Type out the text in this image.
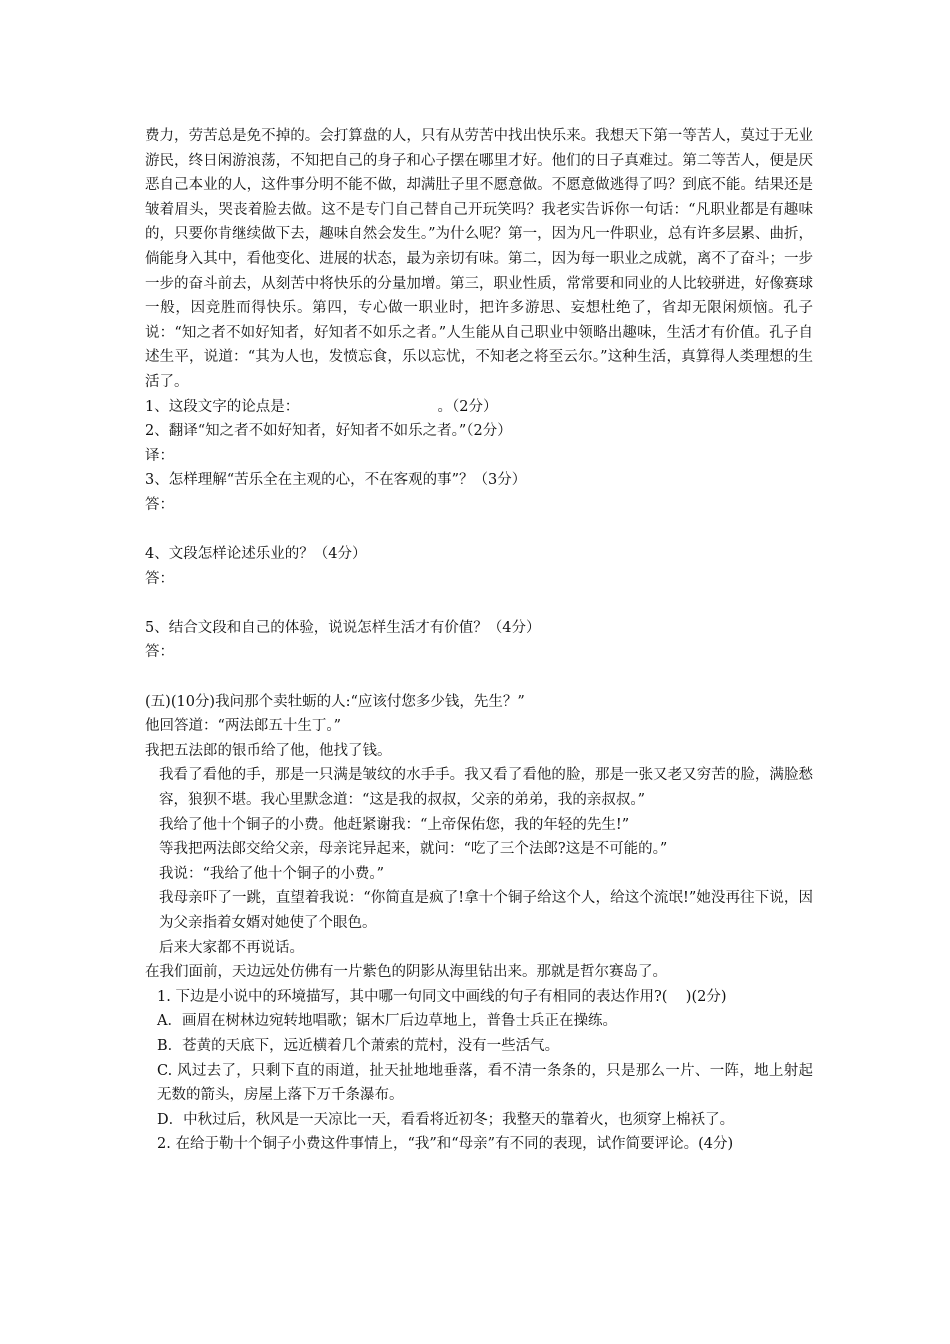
费力，劳苦总是免不掉的。会打算盘的人，只有从劳苦中找出快乐来。我想天下第一等苦人，莫过于无业游民，终日闲游浪荡，不知把自己的身子和心子摆在哪里才好。他们的日子真难过。第二等苦人，便是厌恶自己本业的人，这件事分明不能不做，却满肚子里不愿意做。不愿意做逃得了吗？到底不能。结果还是皱着眉头，哭丧着脸去做。这不是专门自己替自己开玩笑吗？我老实告诉你一句话：“凡职业都是有趣味的，只要你肯继续做下去，趣味自然会发生。”为什么呢？第一，因为凡一件职业，总有许多层累、曲折，倘能身入其中，看他变化、进展的状态，最为亲切有味。第二，因为每一职业之成就，离不了奋斗；一步一步的奋斗前去，从刻苦中将快乐的分量加增。第三，职业性质，常常要和同业的人比较骈进，好像赛球一般，因竞胜而得快乐。第四，专心做一职业时，把许多游思、妄想杜绝了，省却无限闲烦恼。孔子说：“知之者不如好知者，好知者不如乐之者。”人生能从自己职业中领略出趣味，生活才有价值。孔子自述生平，说道：“其为人也，发愤忘食，乐以忘忧，不知老之将至云尔。”这种生活，真算得人类理想的生活了。

1、这段文字的论点是：                              。（2分）
2、翻译“知之者不如好知者，好知者不如乐之者。”（2分）
译：
3、怎样理解“苦乐全在主观的心，不在客观的事”？（3分）
答：
4、文段怎样论述乐业的？（4分）
答：
5、结合文段和自己的体验，说说怎样生活才有价值？（4分）
答：
(五)(10分)我问那个卖牡蛎的人:“应该付您多少钱，先生？”
他回答道：“两法郎五十生丁。”
我把五法郎的银币给了他，他找了钱。

我看了看他的手，那是一只满是皱纹的水手手。我又看了看他的脸，那是一张又老又穷苦的脸，满脸愁容，狼狈不堪。我心里默念道：“这是我的叔叔，父亲的弟弟，我的亲叔叔。”

我给了他十个铜子的小费。他赶紧谢我：“上帝保佑您，我的年轻的先生!”
等我把两法郎交给父亲，母亲诧异起来，就问：“吃了三个法郎?这是不可能的。”
我说：“我给了他十个铜子的小费。”

我母亲吓了一跳，直望着我说：“你简直是疯了!拿十个铜子给这个人，给这个流氓!”她没再往下说，因为父亲指着女婿对她使了个眼色。

后来大家都不再说话。
在我们面前，天边远处仿佛有一片紫色的阴影从海里钻出来。那就是哲尔赛岛了。
1. 下边是小说中的环境描写，其中哪一句同文中画线的句子有相同的表达作用?(    )(2分)
A．画眉在树林边宛转地唱歌；锯木厂后边草地上，普鲁士兵正在操练。
B．苍黄的天底下，远近横着几个萧索的荒村，没有一些活气。

C. 风过去了，只剩下直的雨道，扯天扯地地垂落，看不清一条条的，只是那么一片、一阵，地上射起无数的箭头，房屋上落下万千条瀑布。

D．中秋过后，秋风是一天凉比一天，看看将近初冬；我整天的靠着火，也须穿上棉袄了。

2. 在给于勒十个铜子小费这件事情上，“我”和“母亲”有不同的表现，试作简要评论。(4分)
